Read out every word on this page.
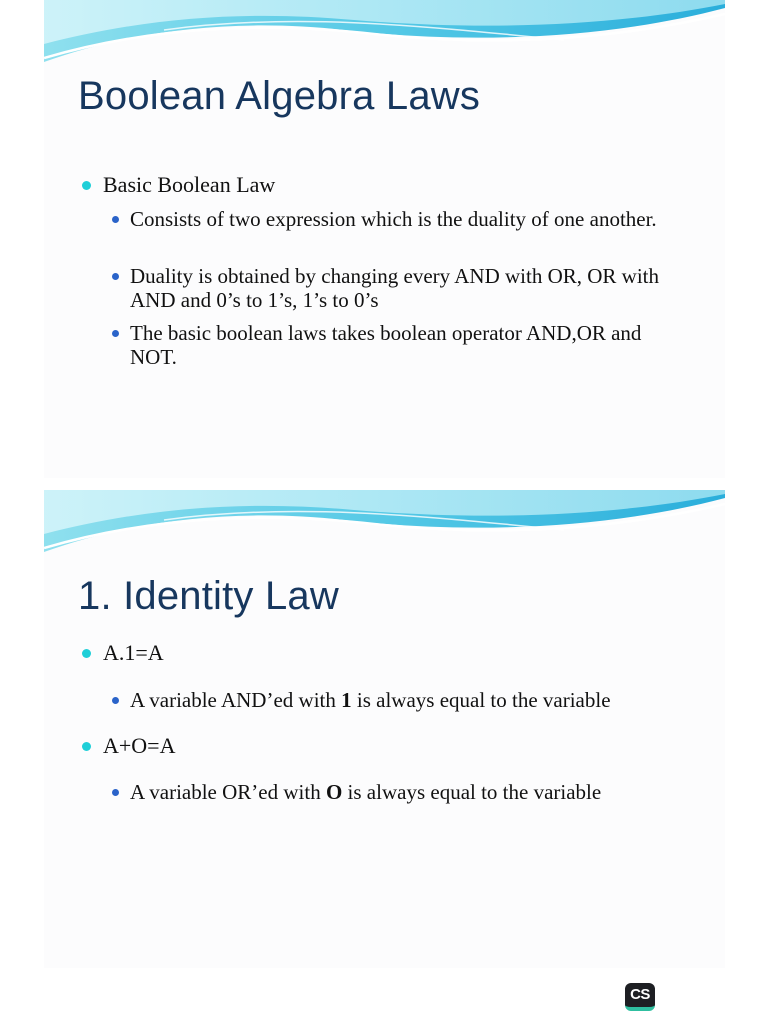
Boolean Algebra Laws
Basic Boolean Law
Consists of two expression which is the duality of one another.
Duality is obtained by changing every AND with OR, OR with AND and 0’s to 1’s, 1’s to 0’s
The basic boolean laws takes boolean operator AND,OR and NOT.
1. Identity Law
A.1=A
A variable AND’ed with 1 is always equal to the variable
A+O=A
A variable OR’ed with O is always equal to the variable
CS
